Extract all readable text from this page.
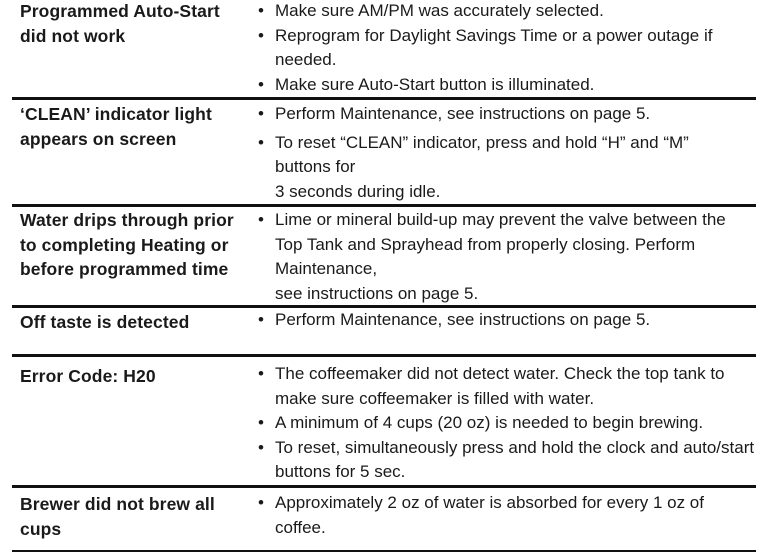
Programmed Auto-Start
did not work
• Make sure AM/PM was accurately selected.
• Reprogram for Daylight Savings Time or a power outage if needed.
• Make sure Auto-Start button is illuminated.
‘CLEAN’ indicator light
appears on screen
• Perform Maintenance, see instructions on page 5.
• To reset “CLEAN” indicator, press and hold “H” and “M” buttons for
3 seconds during idle.
Water drips through prior
to completing Heating or
before programmed time
• Lime or mineral build-up may prevent the valve between the Top Tank and Sprayhead from properly closing. Perform Maintenance,
see instructions on page 5.
Off taste is detected	• Perform Maintenance, see instructions on page 5.
Error Code: H20	• The coffeemaker did not detect water. Check the top tank to make sure coffeemaker is filled with water.
• A minimum of 4 cups (20 oz) is needed to begin brewing.
• To reset, simultaneously press and hold the clock and auto/start buttons for 5 sec.
Brewer did not brew all
cups
• Approximately 2 oz of water is absorbed for every 1 oz of coffee.
